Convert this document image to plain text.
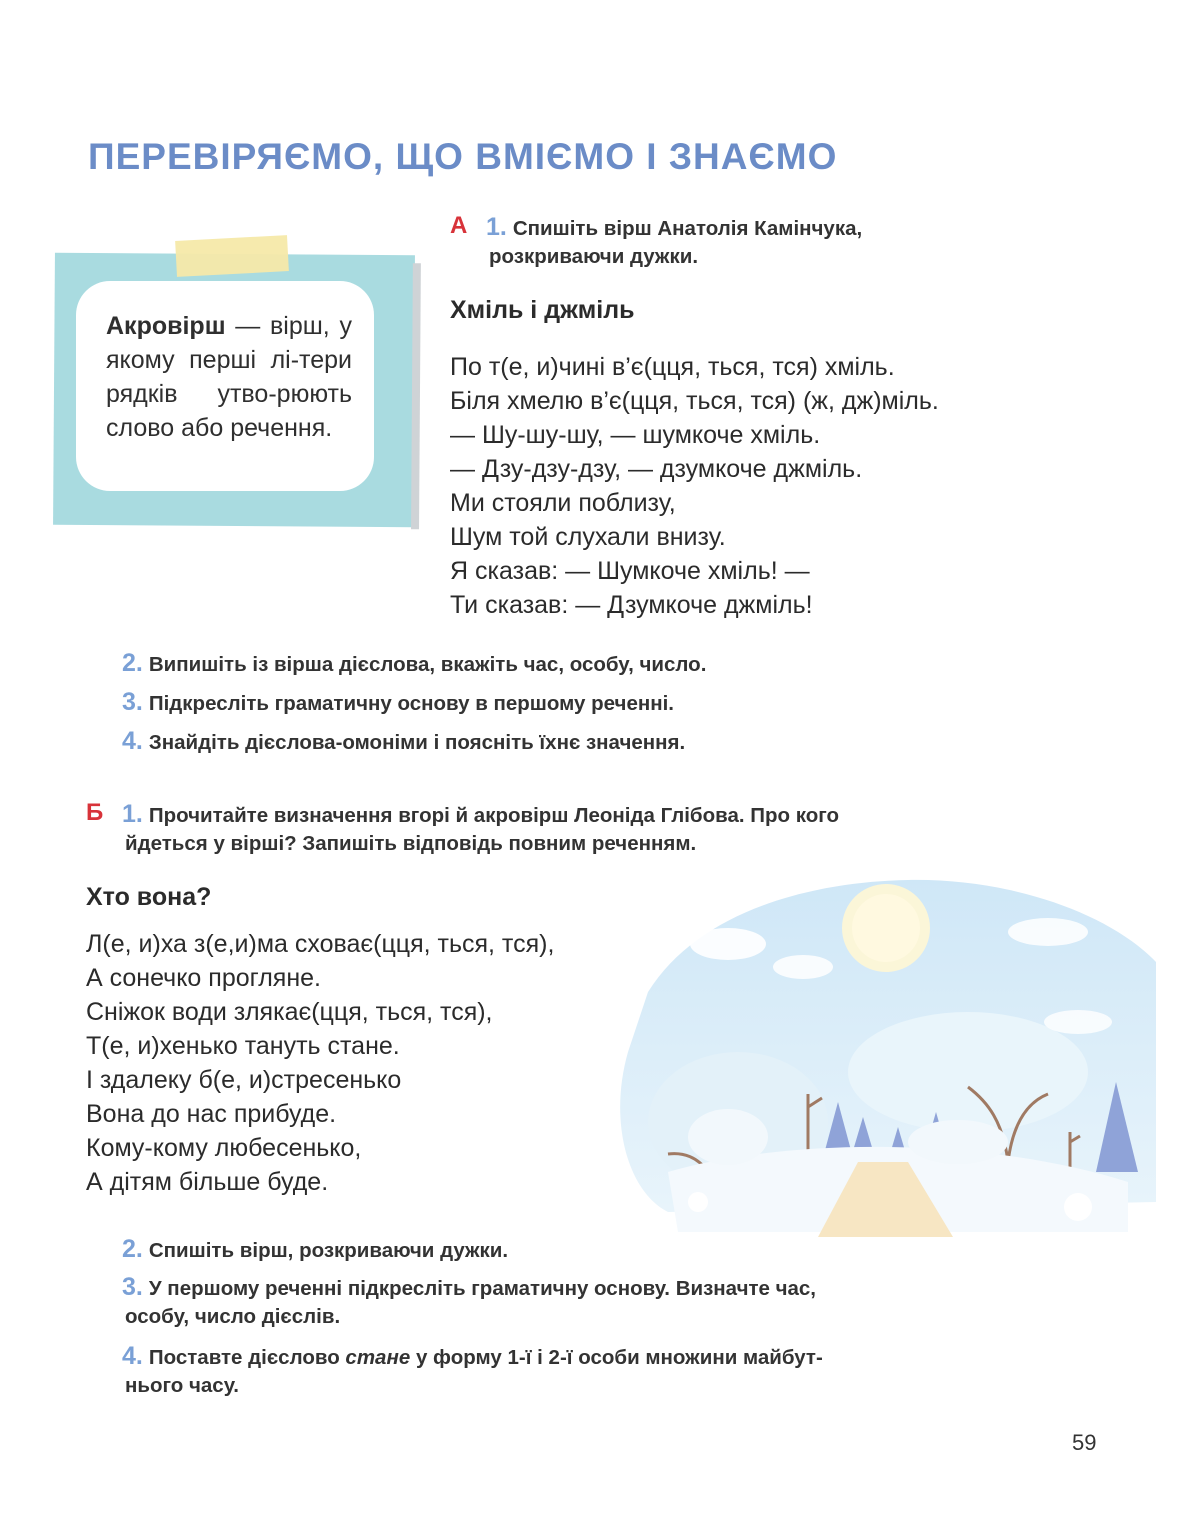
ПЕРЕВІРЯЄМО, ЩО ВМІЄМО І ЗНАЄМО
Акровірш — вірш, у якому перші лі-тери рядків утво-рюють слово або речення.
А 1. Спишіть вірш Анатолія Камінчука,
розкриваючи дужки.
Хміль і джміль
По т(е, и)чині в’є(цця, ться, тся) хміль.
Біля хмелю в’є(цця, ться, тся) (ж, дж)міль.
— Шу-шу-шу, — шумкоче хміль.
— Дзу-дзу-дзу, — дзумкоче джміль.
Ми стояли поблизу,
Шум той слухали внизу.
Я сказав: — Шумкоче хміль! —
Ти сказав: — Дзумкоче джміль!
2. Випишіть із вірша дієслова, вкажіть час, особу, число.
3. Підкресліть граматичну основу в першому реченні.
4. Знайдіть дієслова-омоніми і поясніть їхнє значення.
Б 1. Прочитайте визначення вгорі й акровірш Леоніда Глібова. Про кого
йдеться у вірші? Запишіть відповідь повним реченням.
Хто вона?
Л(е, и)ха з(е,и)ма сховає(цця, ться, тся),
А сонечко прогляне.
Сніжок води злякає(цця, ться, тся),
Т(е, и)хенько тануть стане.
І здалеку б(е, и)стресенько
Вона до нас прибуде.
Кому-кому любесенько,
А дітям більше буде.
2. Спишіть вірш, розкриваючи дужки.
3. У першому реченні підкресліть граматичну основу. Визначте час,
особу, число дієслів.
4. Поставте дієслово стане у форму 1-ї і 2-ї особи множини майбут-
нього часу.
59
